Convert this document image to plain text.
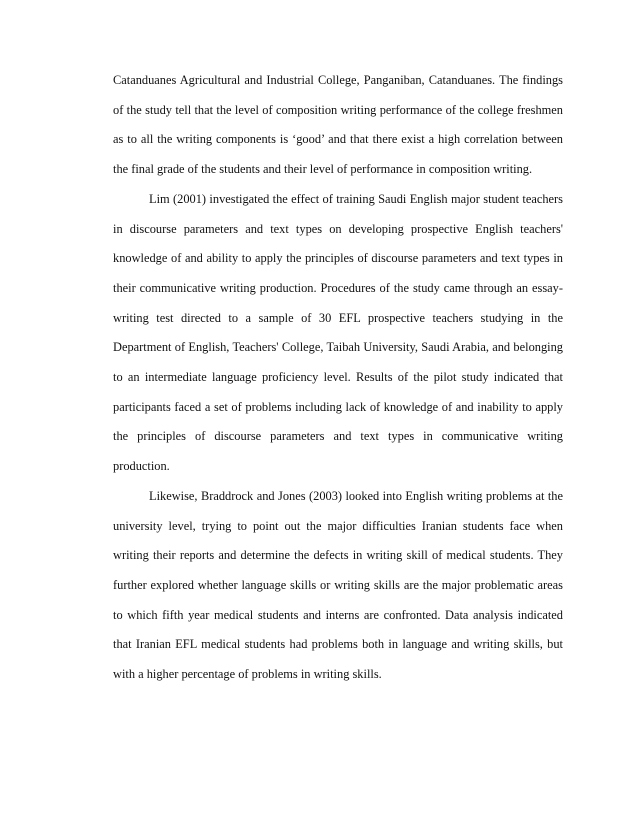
Catanduanes Agricultural and Industrial College, Panganiban, Catanduanes. The findings of the study tell that the level of composition writing performance of the college freshmen as to all the writing components is ‘good’ and that there exist a high correlation between the final grade of the students and their level of performance in composition writing.

Lim (2001) investigated the effect of training Saudi English major student teachers in discourse parameters and text types on developing prospective English teachers' knowledge of and ability to apply the principles of discourse parameters and text types in their communicative writing production. Procedures of the study came through an essay-writing test directed to a sample of 30 EFL prospective teachers studying in the Department of English, Teachers' College, Taibah University, Saudi Arabia, and belonging to an intermediate language proficiency level. Results of the pilot study indicated that participants faced a set of problems including lack of knowledge of and inability to apply the principles of discourse parameters and text types in communicative writing production.

Likewise, Braddrock and Jones (2003) looked into English writing problems at the university level, trying to point out the major difficulties Iranian students face when writing their reports and determine the defects in writing skill of medical students. They further explored whether language skills or writing skills are the major problematic areas to which fifth year medical students and interns are confronted. Data analysis indicated that Iranian EFL medical students had problems both in language and writing skills, but with a higher percentage of problems in writing skills.
